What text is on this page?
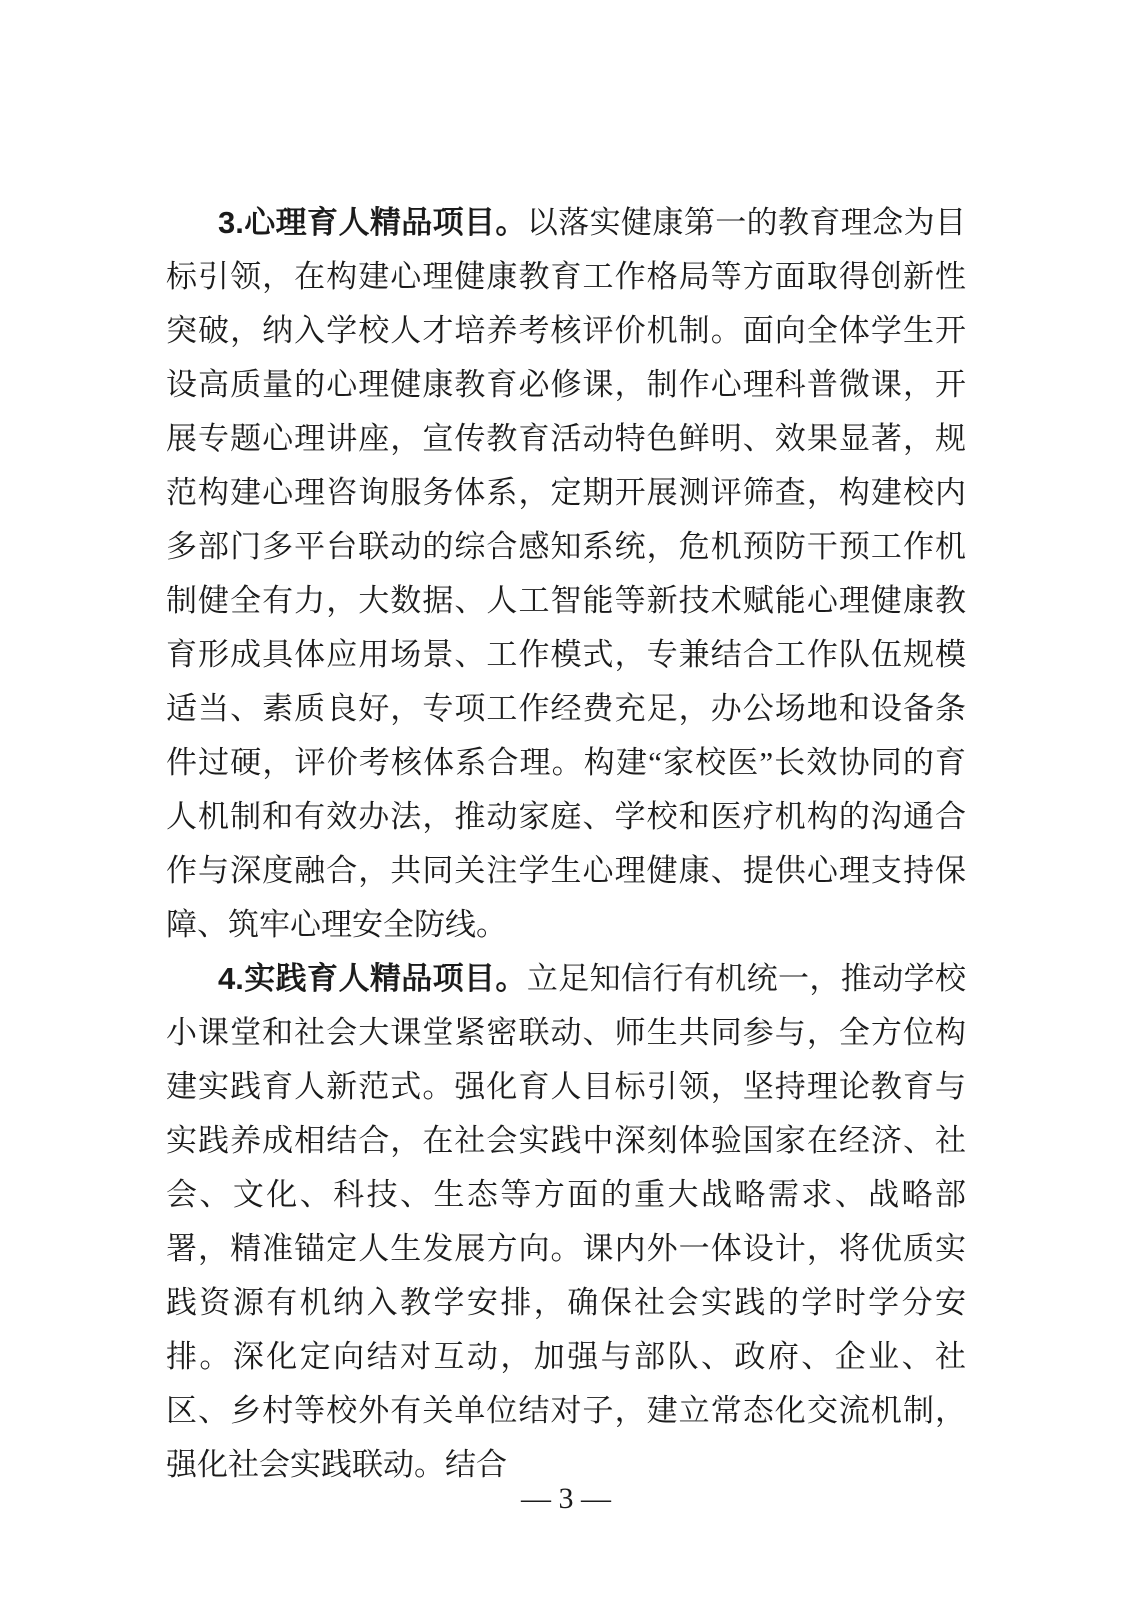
3.心理育人精品项目。以落实健康第一的教育理念为目标引领，在构建心理健康教育工作格局等方面取得创新性突破，纳入学校人才培养考核评价机制。面向全体学生开设高质量的心理健康教育必修课，制作心理科普微课，开展专题心理讲座，宣传教育活动特色鲜明、效果显著，规范构建心理咨询服务体系，定期开展测评筛查，构建校内多部门多平台联动的综合感知系统，危机预防干预工作机制健全有力，大数据、人工智能等新技术赋能心理健康教育形成具体应用场景、工作模式，专兼结合工作队伍规模适当、素质良好，专项工作经费充足，办公场地和设备条件过硬，评价考核体系合理。构建“家校医”长效协同的育人机制和有效办法，推动家庭、学校和医疗机构的沟通合作与深度融合，共同关注学生心理健康、提供心理支持保障、筑牢心理安全防线。

4.实践育人精品项目。立足知信行有机统一，推动学校小课堂和社会大课堂紧密联动、师生共同参与，全方位构建实践育人新范式。强化育人目标引领，坚持理论教育与实践养成相结合，在社会实践中深刻体验国家在经济、社会、文化、科技、生态等方面的重大战略需求、战略部署，精准锚定人生发展方向。课内外一体设计，将优质实践资源有机纳入教学安排，确保社会实践的学时学分安排。深化定向结对互动，加强与部队、政府、企业、社区、乡村等校外有关单位结对子，建立常态化交流机制，强化社会实践联动。结合

— 3 —
